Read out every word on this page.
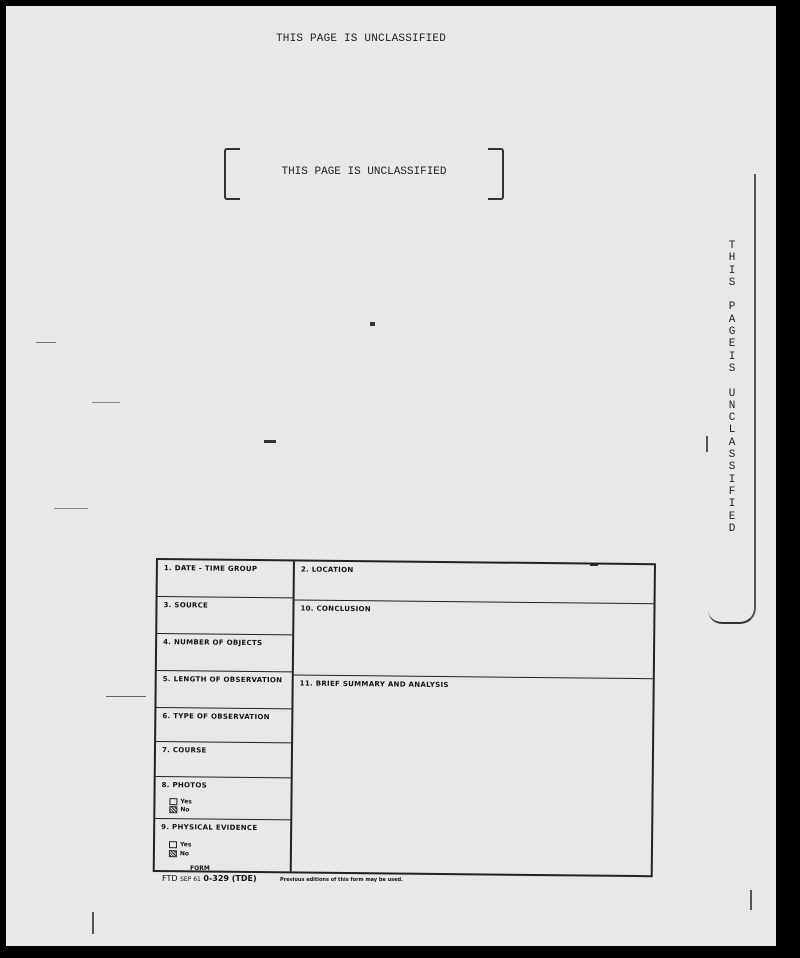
THIS PAGE IS UNCLASSIFIED
THIS PAGE IS UNCLASSIFIED
T
H
I
S
P
A
G
E
I
S
U
N
C
L
A
S
S
I
F
I
E
D
1. DATE - TIME GROUP
3. SOURCE
4. NUMBER OF OBJECTS
5. LENGTH OF OBSERVATION
6. TYPE OF OBSERVATION
7. COURSE
8. PHOTOS
Yes
No
9. PHYSICAL EVIDENCE
Yes
No
2. LOCATION
10. CONCLUSION
11. BRIEF SUMMARY AND ANALYSIS
FORM
FTD SEP 61 0-329 (TDE)	Previous editions of this form may be used.
